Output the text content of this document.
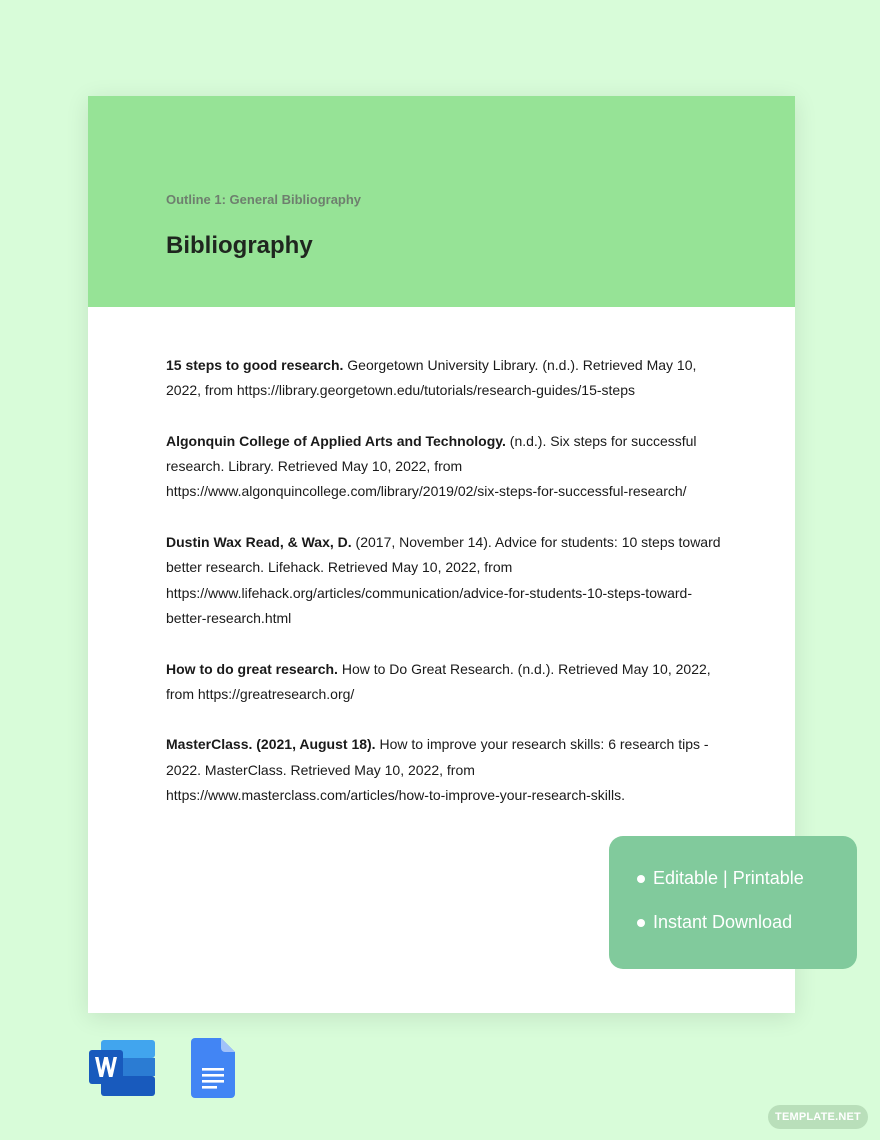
Outline 1: General Bibliography
Bibliography

15 steps to good research. Georgetown University Library. (n.d.). Retrieved May 10, 2022, from https://library.georgetown.edu/tutorials/research-guides/15-steps

Algonquin College of Applied Arts and Technology. (n.d.). Six steps for successful research. Library. Retrieved May 10, 2022, from https://www.algonquincollege.com/library/2019/02/six-steps-for-successful-research/

Dustin Wax Read, & Wax, D. (2017, November 14). Advice for students: 10 steps toward better research. Lifehack. Retrieved May 10, 2022, from https://www.lifehack.org/articles/communication/advice-for-students-10-steps-toward-better-research.html

How to do great research. How to Do Great Research. (n.d.). Retrieved May 10, 2022, from https://greatresearch.org/

MasterClass. (2021, August 18). How to improve your research skills: 6 research tips - 2022. MasterClass. Retrieved May 10, 2022, from https://www.masterclass.com/articles/how-to-improve-your-research-skills.

Editable | Printable
Instant Download
TEMPLATE.NET
